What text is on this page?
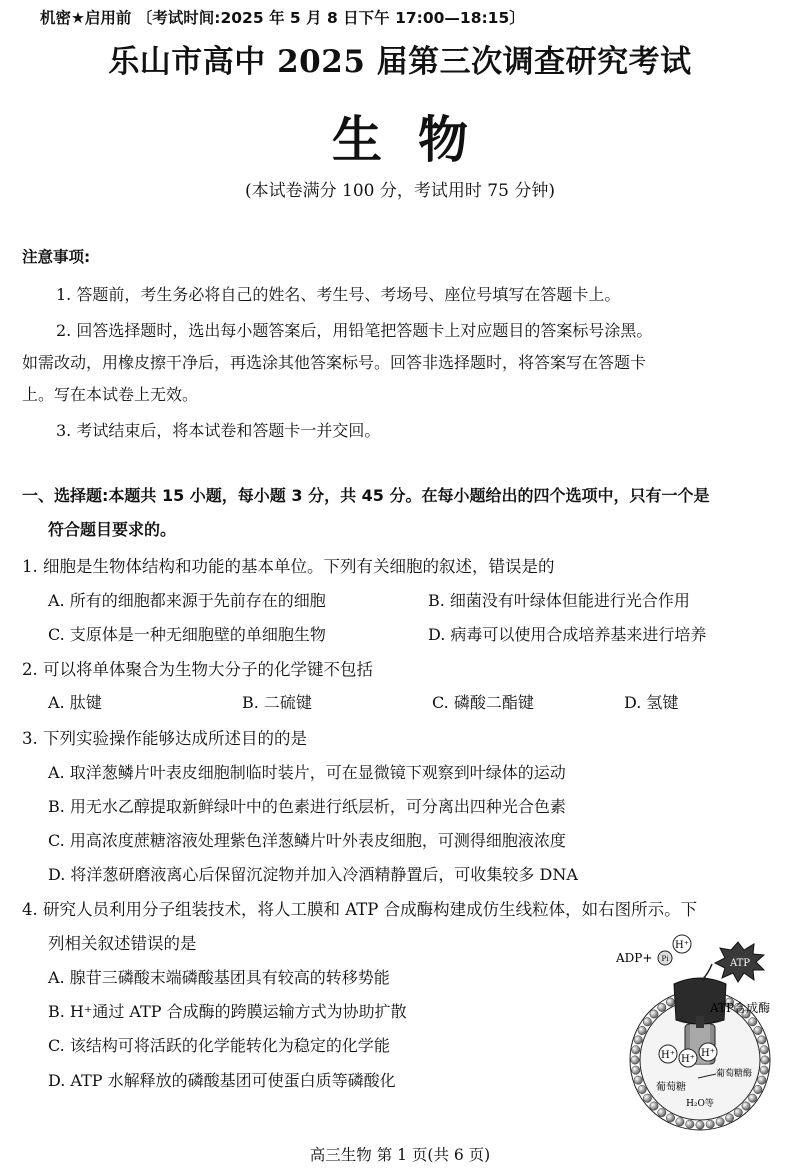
机密★启用前 〔考试时间:2025 年 5 月 8 日下午 17:00—18:15〕
乐山市高中 2025 届第三次调查研究考试
生物
(本试卷满分 100 分，考试用时 75 分钟)
注意事项:
1. 答题前，考生务必将自己的姓名、考生号、考场号、座位号填写在答题卡上。
2. 回答选择题时，选出每小题答案后，用铅笔把答题卡上对应题目的答案标号涂黑。
如需改动，用橡皮擦干净后，再选涂其他答案标号。回答非选择题时，将答案写在答题卡
上。写在本试卷上无效。
3. 考试结束后，将本试卷和答题卡一并交回。
一、选择题:本题共 15 小题，每小题 3 分，共 45 分。在每小题给出的四个选项中，只有一个是
符合题目要求的。
1. 细胞是生物体结构和功能的基本单位。下列有关细胞的叙述，错误是的
A. 所有的细胞都来源于先前存在的细胞	B. 细菌没有叶绿体但能进行光合作用
C. 支原体是一种无细胞壁的单细胞生物	D. 病毒可以使用合成培养基来进行培养
2. 可以将单体聚合为生物大分子的化学键不包括
A. 肽键	B. 二硫键	C. 磷酸二酯键	D. 氢键
3. 下列实验操作能够达成所述目的的是
A. 取洋葱鳞片叶表皮细胞制临时装片，可在显微镜下观察到叶绿体的运动
B. 用无水乙醇提取新鲜绿叶中的色素进行纸层析，可分离出四种光合色素
C. 用高浓度蔗糖溶液处理紫色洋葱鳞片叶外表皮细胞，可测得细胞液浓度
D. 将洋葱研磨液离心后保留沉淀物并加入冷酒精静置后，可收集较多 DNA
4. 研究人员利用分子组装技术，将人工膜和 ATP 合成酶构建成仿生线粒体，如右图所示。下
列相关叙述错误的是
A. 腺苷三磷酸末端磷酸基团具有较高的转移势能
B. H⁺通过 ATP 合成酶的跨膜运输方式为协助扩散
C. 该结构可将活跃的化学能转化为稳定的化学能
D. ATP 水解释放的磷酸基团可使蛋白质等磷酸化
H⁺
ADP+ Pi	ATP
ATP合成酶
H⁺ H⁺
H⁺
葡萄糖
葡萄糖酶
H₂O等
高三生物 第 1 页(共 6 页)
